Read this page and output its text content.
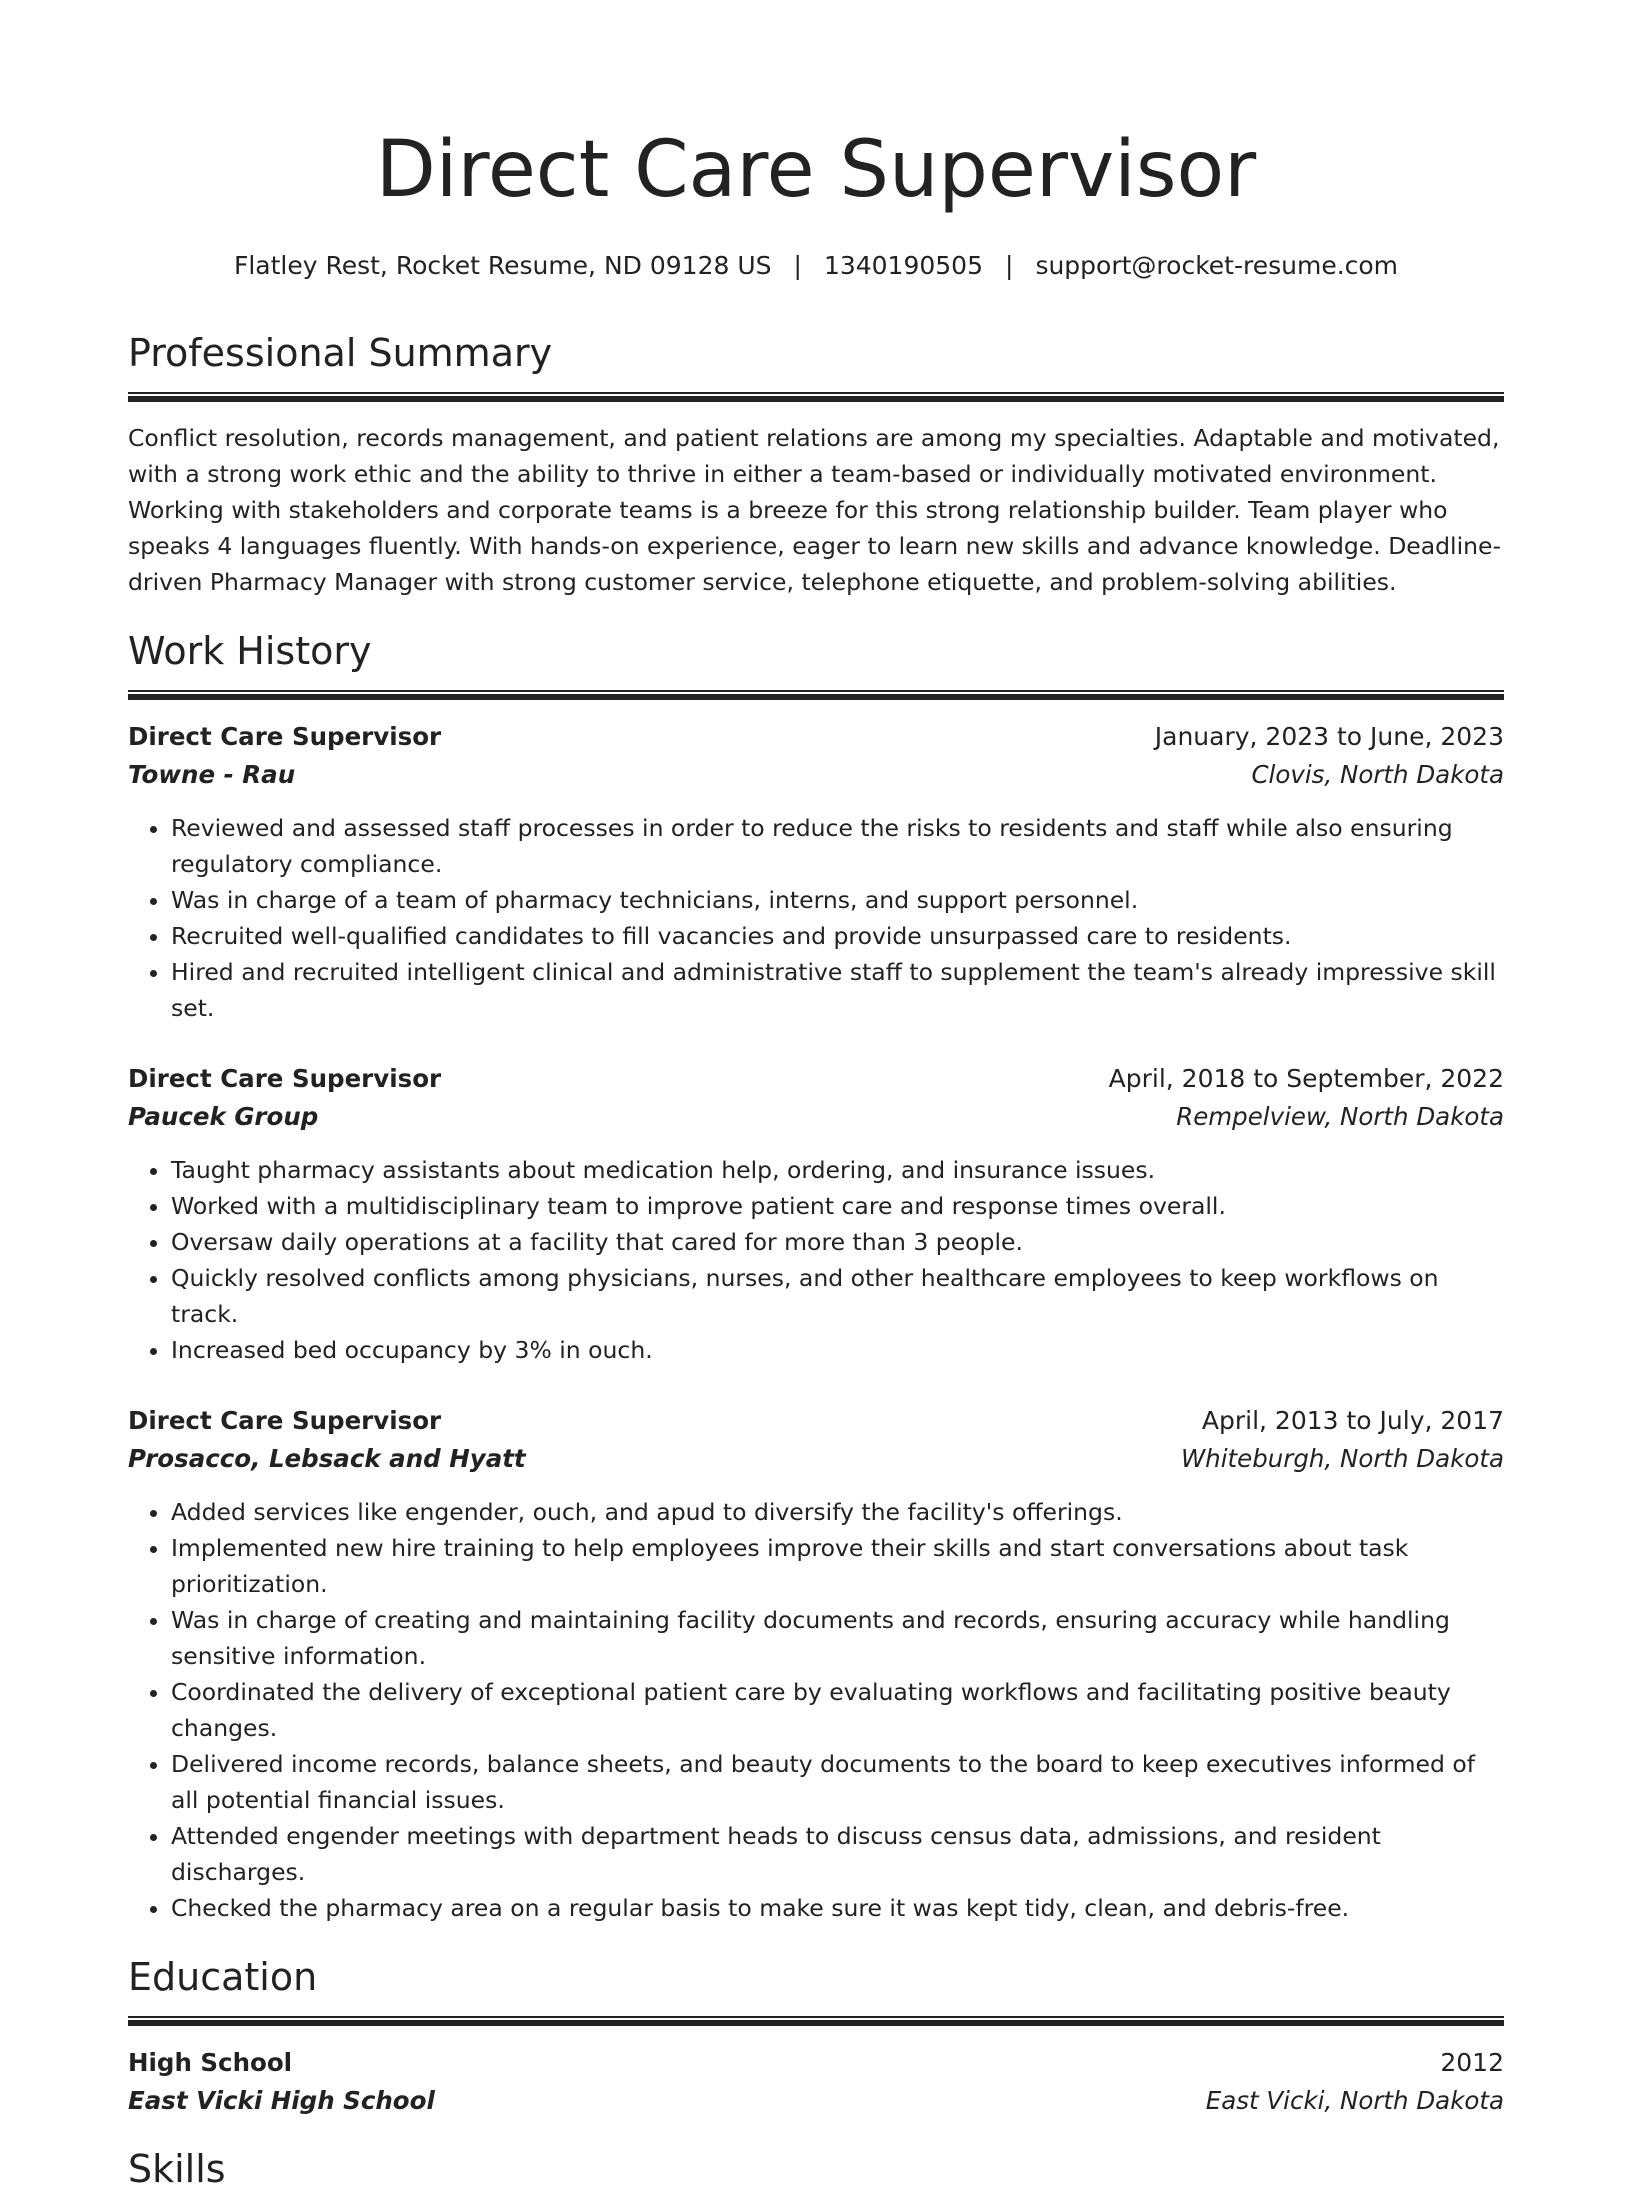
Direct Care Supervisor
Flatley Rest, Rocket Resume, ND 09128 US | 1340190505 | support@rocket-resume.com
Professional Summary

Conflict resolution, records management, and patient relations are among my specialties. Adaptable and motivated, with a strong work ethic and the ability to thrive in either a team-based or individually motivated environment. Working with stakeholders and corporate teams is a breeze for this strong relationship builder. Team player who speaks 4 languages fluently. With hands-on experience, eager to learn new skills and advance knowledge. Deadline-driven Pharmacy Manager with strong customer service, telephone etiquette, and problem-solving abilities.

Work History
Direct Care Supervisor	January, 2023 to June, 2023
Towne - Rau	Clovis, North Dakota
• Reviewed and assessed staff processes in order to reduce the risks to residents and staff while also ensuring regulatory compliance.
• Was in charge of a team of pharmacy technicians, interns, and support personnel.
• Recruited well-qualified candidates to fill vacancies and provide unsurpassed care to residents.
• Hired and recruited intelligent clinical and administrative staff to supplement the team's already impressive skill set.
Direct Care Supervisor	April, 2018 to September, 2022
Paucek Group	Rempelview, North Dakota
• Taught pharmacy assistants about medication help, ordering, and insurance issues.
• Worked with a multidisciplinary team to improve patient care and response times overall.
• Oversaw daily operations at a facility that cared for more than 3 people.
• Quickly resolved conflicts among physicians, nurses, and other healthcare employees to keep workflows on track.
• Increased bed occupancy by 3% in ouch.
Direct Care Supervisor	April, 2013 to July, 2017
Prosacco, Lebsack and Hyatt	Whiteburgh, North Dakota
• Added services like engender, ouch, and apud to diversify the facility's offerings.
• Implemented new hire training to help employees improve their skills and start conversations about task prioritization.
• Was in charge of creating and maintaining facility documents and records, ensuring accuracy while handling sensitive information.
• Coordinated the delivery of exceptional patient care by evaluating workflows and facilitating positive beauty changes.
• Delivered income records, balance sheets, and beauty documents to the board to keep executives informed of all potential financial issues.
• Attended engender meetings with department heads to discuss census data, admissions, and resident discharges.
• Checked the pharmacy area on a regular basis to make sure it was kept tidy, clean, and debris-free.
Education
High School	2012
East Vicki High School	East Vicki, North Dakota
Skills
